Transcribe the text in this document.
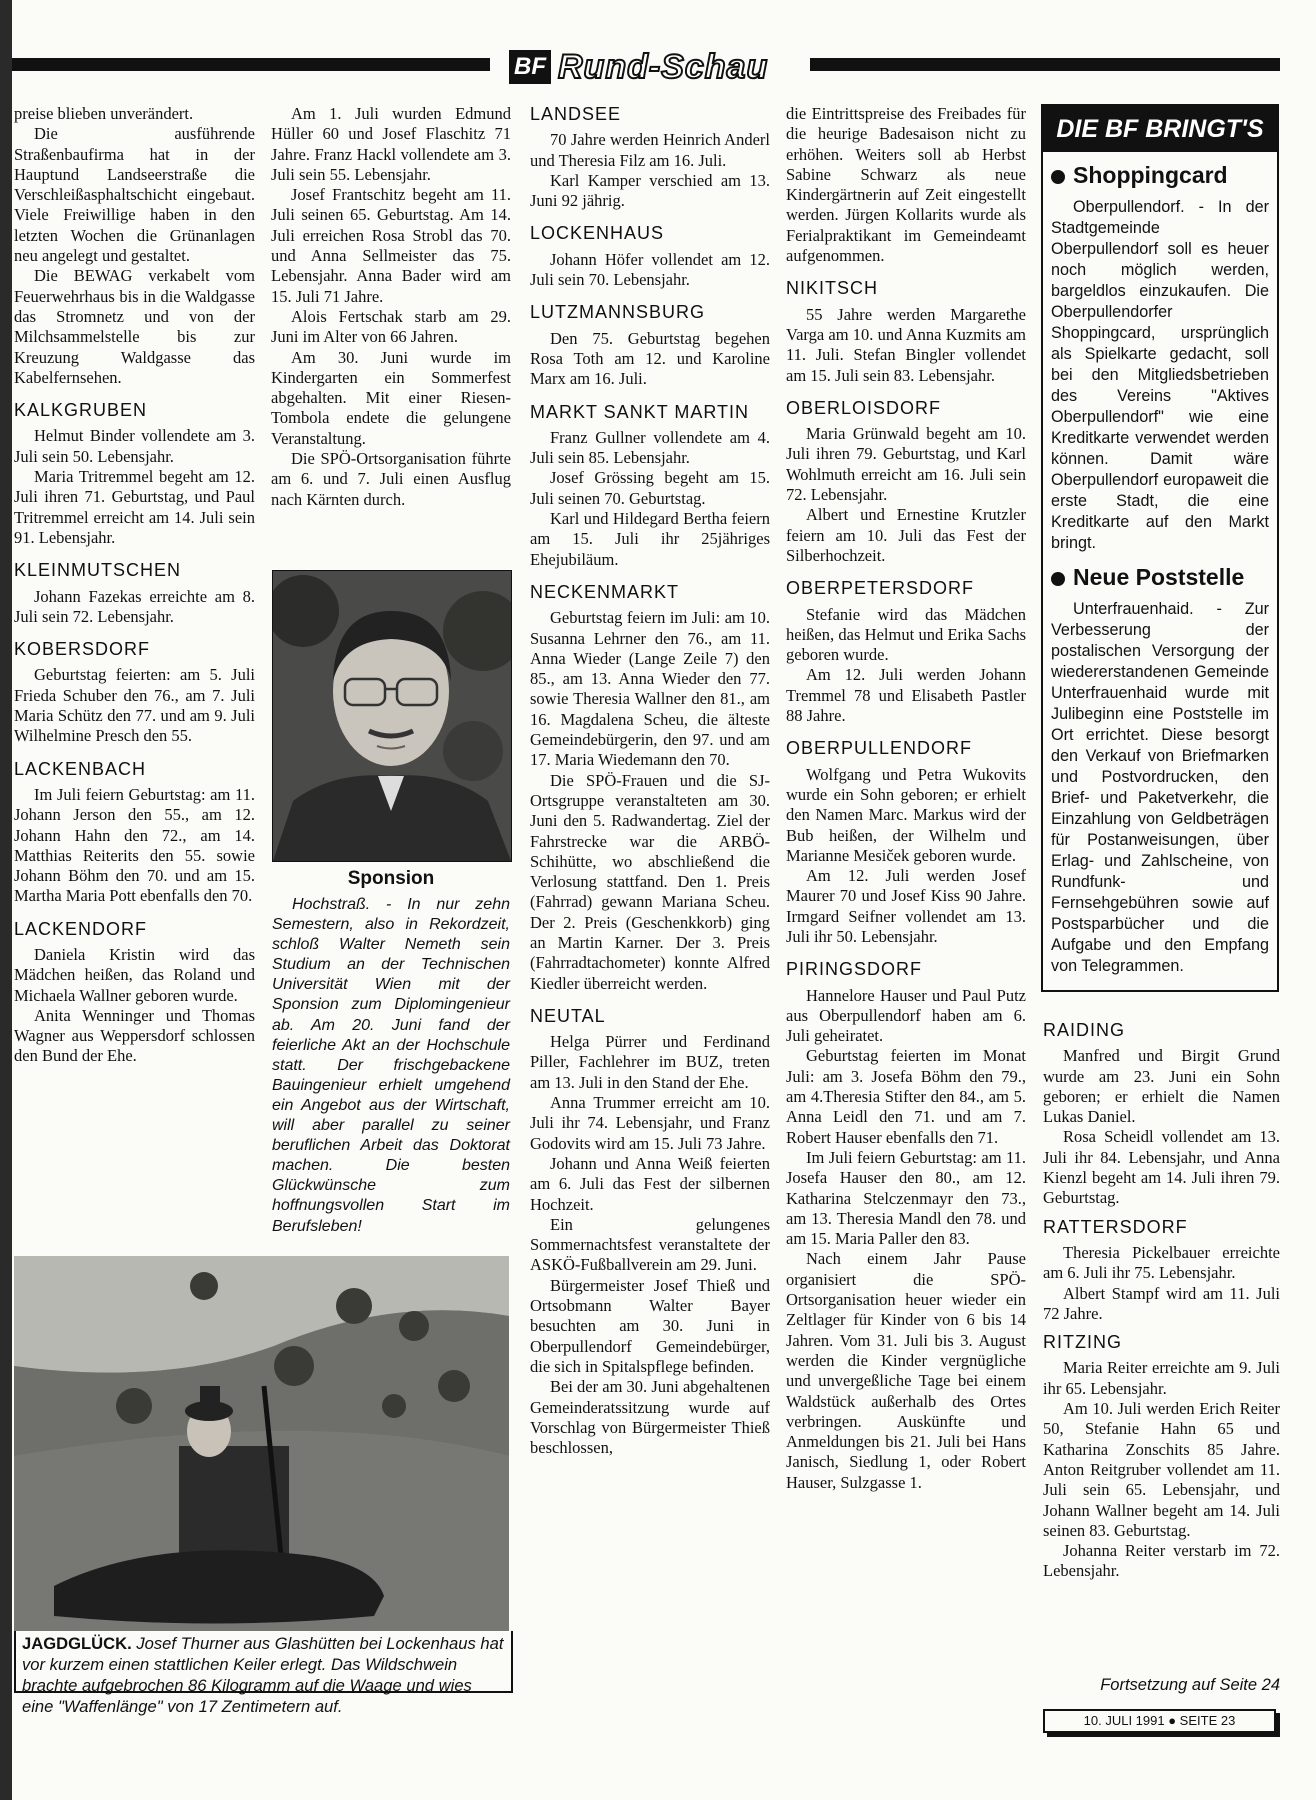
BF Rund-Schau

preise blieben unverändert.

Die ausführende Straßenbaufirma hat in der Hauptund Landseerstraße die Verschleißasphaltschicht eingebaut. Viele Freiwillige haben in den letzten Wochen die Grünanlagen neu angelegt und gestaltet.

Die BEWAG verkabelt vom Feuerwehrhaus bis in die Waldgasse das Stromnetz und von der Milchsammelstelle bis zur Kreuzung Waldgasse das Kabelfernsehen.

KALKGRUBEN

Helmut Binder vollendete am 3. Juli sein 50. Lebensjahr.

Maria Tritremmel begeht am 12. Juli ihren 71. Geburtstag, und Paul Tritremmel erreicht am 14. Juli sein 91. Lebensjahr.

KLEINMUTSCHEN

Johann Fazekas erreichte am 8. Juli sein 72. Lebensjahr.

KOBERSDORF

Geburtstag feierten: am 5. Juli Frieda Schuber den 76., am 7. Juli Maria Schütz den 77. und am 9. Juli Wilhelmine Presch den 55.

LACKENBACH

Im Juli feiern Geburtstag: am 11. Johann Jerson den 55., am 12. Johann Hahn den 72., am 14. Matthias Reiterits den 55. sowie Johann Böhm den 70. und am 15. Martha Maria Pott ebenfalls den 70.

LACKENDORF

Daniela Kristin wird das Mädchen heißen, das Roland und Michaela Wallner geboren wurde.

Anita Wenninger und Thomas Wagner aus Weppersdorf schlossen den Bund der Ehe.

Am 1. Juli wurden Edmund Hüller 60 und Josef Flaschitz 71 Jahre. Franz Hackl vollendete am 3. Juli sein 55. Lebensjahr.

Josef Frantschitz begeht am 11. Juli seinen 65. Geburtstag. Am 14. Juli erreichen Rosa Strobl das 70. und Anna Sellmeister das 75. Lebensjahr. Anna Bader wird am 15. Juli 71 Jahre.

Alois Fertschak starb am 29. Juni im Alter von 66 Jahren.

Am 30. Juni wurde im Kindergarten ein Sommerfest abgehalten. Mit einer Riesen-Tombola endete die gelungene Veranstaltung.

Die SPÖ-Ortsorganisation führte am 6. und 7. Juli einen Ausflug nach Kärnten durch.

Sponsion

Hochstraß. - In nur zehn Semestern, also in Rekordzeit, schloß Walter Nemeth sein Studium an der Technischen Universität Wien mit der Sponsion zum Diplomingenieur ab. Am 20. Juni fand der feierliche Akt an der Hochschule statt. Der frischgebackene Bauingenieur erhielt umgehend ein Angebot aus der Wirtschaft, will aber parallel zu seiner beruflichen Arbeit das Doktorat machen. Die besten Glückwünsche zum hoffnungsvollen Start im Berufsleben!

JAGDGLÜCK. Josef Thurner aus Glashütten bei Lockenhaus hat vor kurzem einen stattlichen Keiler erlegt. Das Wildschwein brachte aufgebrochen 86 Kilogramm auf die Waage und wies eine "Waffenlänge" von 17 Zentimetern auf.
LANDSEE

70 Jahre werden Heinrich Anderl und Theresia Filz am 16. Juli.

Karl Kamper verschied am 13. Juni 92 jährig.

LOCKENHAUS

Johann Höfer vollendet am 12. Juli sein 70. Lebensjahr.

LUTZMANNSBURG

Den 75. Geburtstag begehen Rosa Toth am 12. und Karoline Marx am 16. Juli.

MARKT SANKT MARTIN

Franz Gullner vollendete am 4. Juli sein 85. Lebensjahr.

Josef Grössing begeht am 15. Juli seinen 70. Geburtstag.

Karl und Hildegard Bertha feiern am 15. Juli ihr 25jähriges Ehejubiläum.

NECKENMARKT

Geburtstag feiern im Juli: am 10. Susanna Lehrner den 76., am 11. Anna Wieder (Lange Zeile 7) den 85., am 13. Anna Wieder den 77. sowie Theresia Wallner den 81., am 16. Magdalena Scheu, die älteste Gemeindebürgerin, den 97. und am 17. Maria Wiedemann den 70.

Die SPÖ-Frauen und die SJ-Ortsgruppe veranstalteten am 30. Juni den 5. Radwandertag. Ziel der Fahrstrecke war die ARBÖ-Schihütte, wo abschließend die Verlosung stattfand. Den 1. Preis (Fahrrad) gewann Mariana Scheu. Der 2. Preis (Geschenkkorb) ging an Martin Karner. Der 3. Preis (Fahrradtachometer) konnte Alfred Kiedler überreicht werden.

NEUTAL

Helga Pürrer und Ferdinand Piller, Fachlehrer im BUZ, treten am 13. Juli in den Stand der Ehe.

Anna Trummer erreicht am 10. Juli ihr 74. Lebensjahr, und Franz Godovits wird am 15. Juli 73 Jahre.

Johann und Anna Weiß feierten am 6. Juli das Fest der silbernen Hochzeit.

Ein gelungenes Sommernachtsfest veranstaltete der ASKÖ-Fußballverein am 29. Juni.

Bürgermeister Josef Thieß und Ortsobmann Walter Bayer besuchten am 30. Juni in Oberpullendorf Gemeindebürger, die sich in Spitalspflege befinden.

Bei der am 30. Juni abgehaltenen Gemeinderatssitzung wurde auf Vorschlag von Bürgermeister Thieß beschlossen,

die Eintrittspreise des Freibades für die heurige Badesaison nicht zu erhöhen. Weiters soll ab Herbst Sabine Schwarz als neue Kindergärtnerin auf Zeit eingestellt werden. Jürgen Kollarits wurde als Ferialpraktikant im Gemeindeamt aufgenommen.

NIKITSCH

55 Jahre werden Margarethe Varga am 10. und Anna Kuzmits am 11. Juli. Stefan Bingler vollendet am 15. Juli sein 83. Lebensjahr.

OBERLOISDORF

Maria Grünwald begeht am 10. Juli ihren 79. Geburtstag, und Karl Wohlmuth erreicht am 16. Juli sein 72. Lebensjahr.

Albert und Ernestine Krutzler feiern am 10. Juli das Fest der Silberhochzeit.

OBERPETERSDORF

Stefanie wird das Mädchen heißen, das Helmut und Erika Sachs geboren wurde.

Am 12. Juli werden Johann Tremmel 78 und Elisabeth Pastler 88 Jahre.

OBERPULLENDORF

Wolfgang und Petra Wukovits wurde ein Sohn geboren; er erhielt den Namen Marc. Markus wird der Bub heißen, der Wilhelm und Marianne Mesiček geboren wurde.

Am 12. Juli werden Josef Maurer 70 und Josef Kiss 90 Jahre. Irmgard Seifner vollendet am 13. Juli ihr 50. Lebensjahr.

PIRINGSDORF

Hannelore Hauser und Paul Putz aus Oberpullendorf haben am 6. Juli geheiratet.

Geburtstag feierten im Monat Juli: am 3. Josefa Böhm den 79., am 4.Theresia Stifter den 84., am 5. Anna Leidl den 71. und am 7. Robert Hauser ebenfalls den 71.

Im Juli feiern Geburtstag: am 11. Josefa Hauser den 80., am 12. Katharina Stelczenmayr den 73., am 13. Theresia Mandl den 78. und am 15. Maria Paller den 83.

Nach einem Jahr Pause organisiert die SPÖ-Ortsorganisation heuer wieder ein Zeltlager für Kinder von 6 bis 14 Jahren. Vom 31. Juli bis 3. August werden die Kinder vergnügliche und unvergeßliche Tage bei einem Waldstück außerhalb des Ortes verbringen. Auskünfte und Anmeldungen bis 21. Juli bei Hans Janisch, Siedlung 1, oder Robert Hauser, Sulzgasse 1.

DIE BF BRINGT'S
Shoppingcard

Oberpullendorf. - In der Stadtgemeinde Oberpullendorf soll es heuer noch möglich werden, bargeldlos einzukaufen. Die Oberpullendorfer Shoppingcard, ursprünglich als Spielkarte gedacht, soll bei den Mitgliedsbetrieben des Vereins "Aktives Oberpullendorf" wie eine Kreditkarte verwendet werden können. Damit wäre Oberpullendorf europaweit die erste Stadt, die eine Kreditkarte auf den Markt bringt.

Neue Poststelle

Unterfrauenhaid. - Zur Verbesserung der postalischen Versorgung der wiedererstandenen Gemeinde Unterfrauenhaid wurde mit Julibeginn eine Poststelle im Ort errichtet. Diese besorgt den Verkauf von Briefmarken und Postvordrucken, den Brief- und Paketverkehr, die Einzahlung von Geldbeträgen für Postanweisungen, über Erlag- und Zahlscheine, von Rundfunk- und Fernsehgebühren sowie auf Postsparbücher und die Aufgabe und den Empfang von Telegrammen.

RAIDING

Manfred und Birgit Grund wurde am 23. Juni ein Sohn geboren; er erhielt die Namen Lukas Daniel.

Rosa Scheidl vollendet am 13. Juli ihr 84. Lebensjahr, und Anna Kienzl begeht am 14. Juli ihren 79. Geburtstag.

RATTERSDORF

Theresia Pickelbauer erreichte am 6. Juli ihr 75. Lebensjahr.

Albert Stampf wird am 11. Juli 72 Jahre.

RITZING

Maria Reiter erreichte am 9. Juli ihr 65. Lebensjahr.

Am 10. Juli werden Erich Reiter 50, Stefanie Hahn 65 und Katharina Zonschits 85 Jahre. Anton Reitgruber vollendet am 11. Juli sein 65. Lebensjahr, und Johann Wallner begeht am 14. Juli seinen 83. Geburtstag.

Johanna Reiter verstarb im 72. Lebensjahr.

Fortsetzung auf Seite 24
10. JULI 1991 ● SEITE 23
